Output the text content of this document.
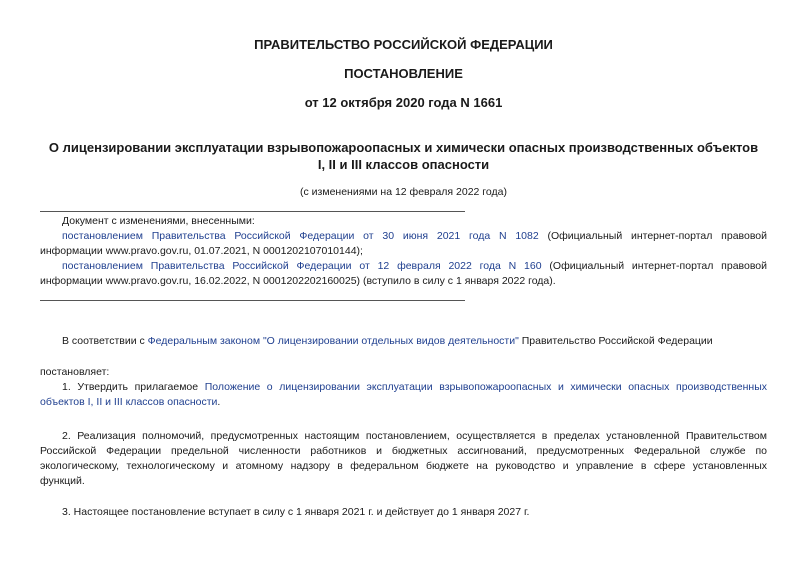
ПРАВИТЕЛЬСТВО РОССИЙСКОЙ ФЕДЕРАЦИИ
ПОСТАНОВЛЕНИЕ
от 12 октября 2020 года N 1661
О лицензировании эксплуатации взрывопожароопасных и химически опасных производственных объектов
I, II и III классов опасности
(с изменениями на 12 февраля 2022 года)
Документ с изменениями, внесенными:
постановлением Правительства Российской Федерации от 30 июня 2021 года N 1082 (Официальный интернет-портал правовой
информации www.pravo.gov.ru, 01.07.2021, N 0001202107010144);
постановлением Правительства Российской Федерации от 12 февраля 2022 года N 160 (Официальный интернет-портал правовой
информации www.pravo.gov.ru, 16.02.2022, N 0001202202160025) (вступило в силу с 1 января 2022 года).
В соответствии с Федеральным законом "О лицензировании отдельных видов деятельности" Правительство Российской Федерации
постановляет:
1. Утвердить прилагаемое Положение о лицензировании эксплуатации взрывопожароопасных и химически опасных производственных
объектов I, II и III классов опасности.
2. Реализация полномочий, предусмотренных настоящим постановлением, осуществляется в пределах установленной Правительством
Российской Федерации предельной численности работников и бюджетных ассигнований, предусмотренных Федеральной службе по
экологическому, технологическому и атомному надзору в федеральном бюджете на руководство и управление в сфере установленных
функций.
3. Настоящее постановление вступает в силу с 1 января 2021 г. и действует до 1 января 2027 г.
